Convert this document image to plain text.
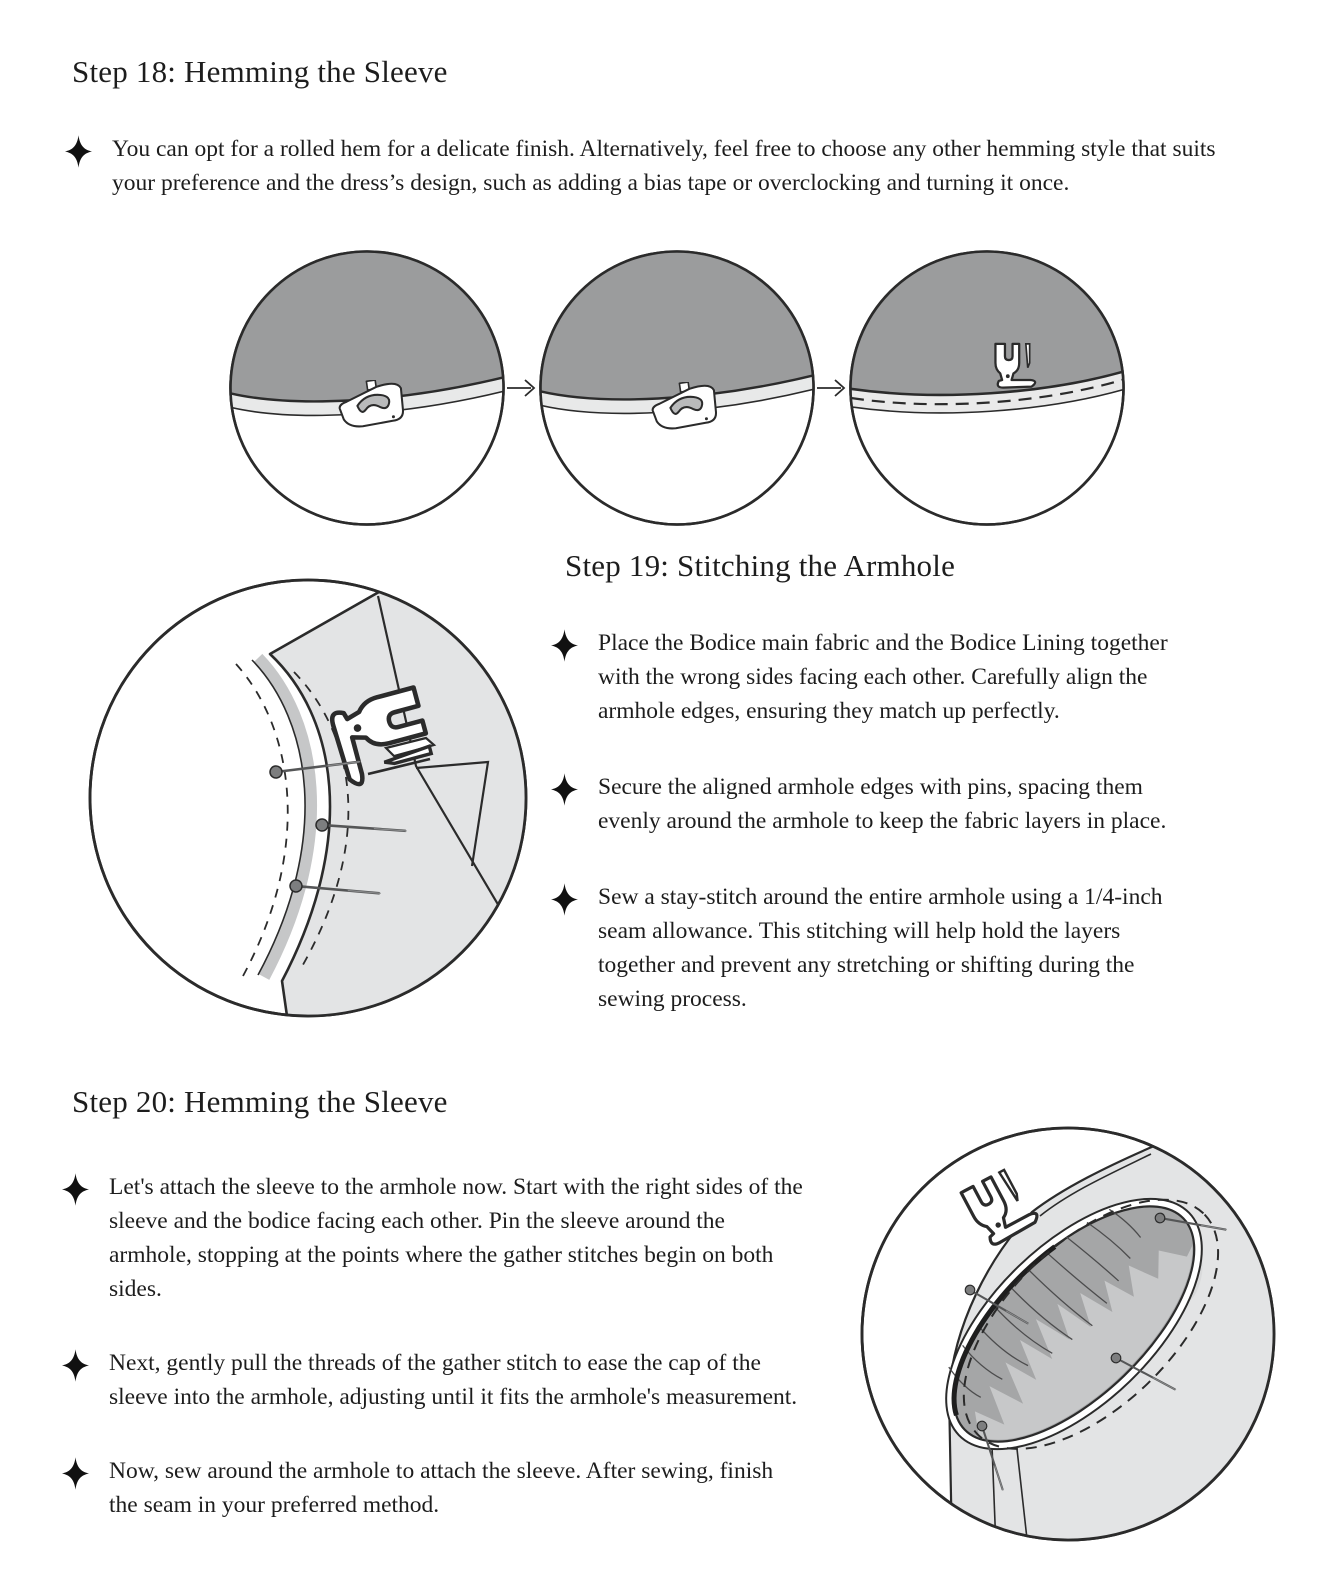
Step 18: Hemming the Sleeve

You can opt for a rolled hem for a delicate finish. Alternatively, feel free to choose any other hemming style that suits your preference and the dress’s design, such as adding a bias tape or overclocking and turning it once.

Step 19: Stitching the Armhole

Place the Bodice main fabric and the Bodice Lining together with the wrong sides facing each other. Carefully align the armhole edges, ensuring they match up perfectly.

Secure the aligned armhole edges with pins, spacing them evenly around the armhole to keep the fabric layers in place.

Sew a stay-stitch around the entire armhole using a 1/4-inch seam allowance. This stitching will help hold the layers together and prevent any stretching or shifting during the sewing process.

Step 20: Hemming the Sleeve

Let's attach the sleeve to the armhole now. Start with the right sides of the sleeve and the bodice facing each other. Pin the sleeve around the armhole, stopping at the points where the gather stitches begin on both sides.

Next, gently pull the threads of the gather stitch to ease the cap of the sleeve into the armhole, adjusting until it fits the armhole's measurement.

Now, sew around the armhole to attach the sleeve. After sewing, finish the seam in your preferred method.
